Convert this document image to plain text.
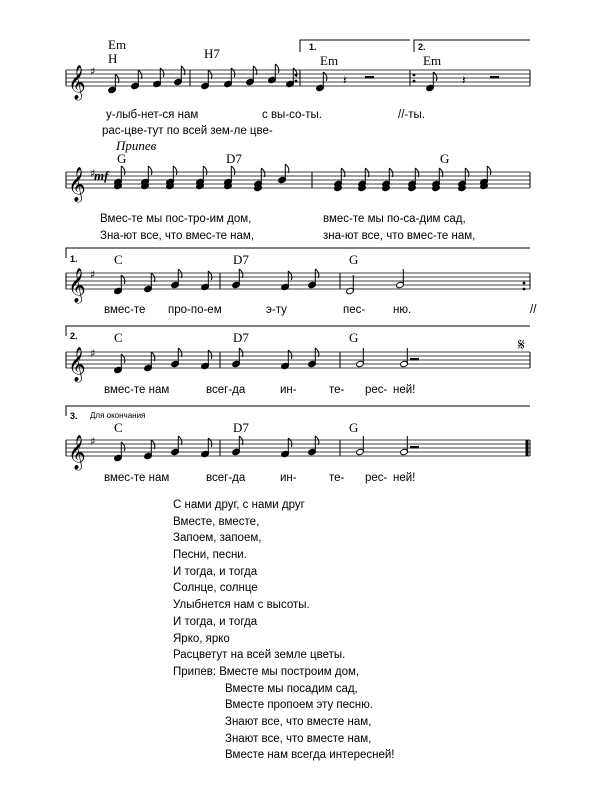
𝄞 ♯
𝄞 ♯
𝄞 ♯
𝄞 ♯
𝄞 ♯
𝄽	𝄽
𝄋
Em
H	H7	Em	Em
1.	2.
у-лыб-нет-ся нам	с вы-со-ты.	//-ты.
рас-цве-тут по всей зем-ле цве-
Припев
mf
G	D7	G
Вмес-те мы пос-тро-им дом,	вмес-те мы по-са-дим сад,
Зна-ют все, что вмес-те нам,	зна-ют все, что вмес-те нам,
1.	C	D7	G
вмес-те про-по-ем	э-ту	пес- ню.	//
2.	C	D7	G
вмес-те нам	всег-да	ин-	те- рес- ней!
3. Для окончания
C	D7	G
вмес-те нам	всег-да	ин-	те- рес- ней!
С нами друг, с нами друг
Вместе, вместе,
Запоем, запоем,
Песни, песни.
И тогда, и тогда
Солнце, солнце
Улыбнется нам с высоты.
И тогда, и тогда
Ярко, ярко
Расцветут на всей земле цветы.
Припев: Вместе мы построим дом,
Вместе мы посадим сад,
Вместе пропоем эту песню.
Знают все, что вместе нам,
Знают все, что вместе нам,
Вместе нам всегда интересней!
